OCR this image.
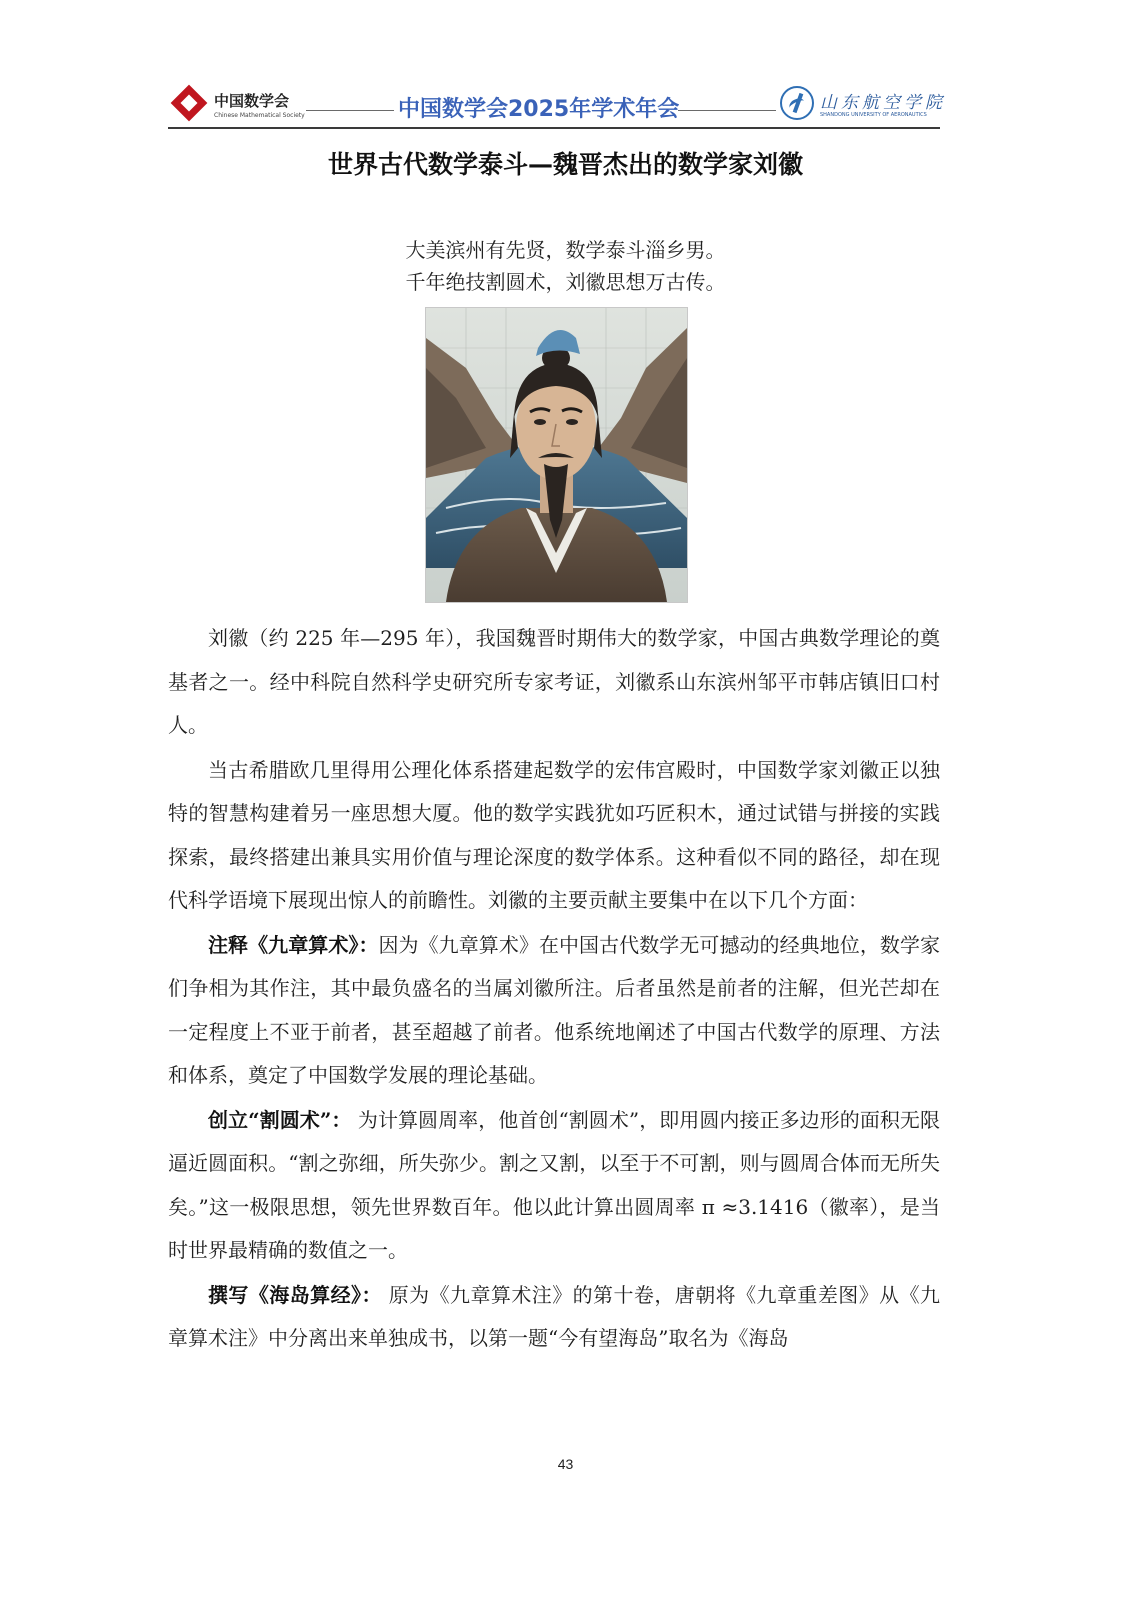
中国数学会
Chinese Mathematical Society	中国数学会2025年学术年会	山东航空学院
SHANDONG UNIVERSITY OF AERONAUTICS
世界古代数学泰斗—魏晋杰出的数学家刘徽
大美滨州有先贤，数学泰斗淄乡男。
千年绝技割圆术，刘徽思想万古传。

刘徽（约 225 年—295 年），我国魏晋时期伟大的数学家，中国古典数学理论的奠基者之一。经中科院自然科学史研究所专家考证，刘徽系山东滨州邹平市韩店镇旧口村人。

当古希腊欧几里得用公理化体系搭建起数学的宏伟宫殿时，中国数学家刘徽正以独特的智慧构建着另一座思想大厦。他的数学实践犹如巧匠积木，通过试错与拼接的实践探索，最终搭建出兼具实用价值与理论深度的数学体系。这种看似不同的路径，却在现代科学语境下展现出惊人的前瞻性。刘徽的主要贡献主要集中在以下几个方面：

注释《九章算术》：因为《九章算术》在中国古代数学无可撼动的经典地位，数学家们争相为其作注，其中最负盛名的当属刘徽所注。后者虽然是前者的注解，但光芒却在一定程度上不亚于前者，甚至超越了前者。他系统地阐述了中国古代数学的原理、方法和体系，奠定了中国数学发展的理论基础。

创立“割圆术”： 为计算圆周率，他首创“割圆术”，即用圆内接正多边形的面积无限逼近圆面积。“割之弥细，所失弥少。割之又割，以至于不可割，则与圆周合体而无所失矣。”这一极限思想，领先世界数百年。他以此计算出圆周率 π ≈3.1416（徽率），是当时世界最精确的数值之一。

撰写《海岛算经》： 原为《九章算术注》的第十卷，唐朝将《九章重差图》从《九章算术注》中分离出来单独成书，以第一题“今有望海岛”取名为《海岛

43
